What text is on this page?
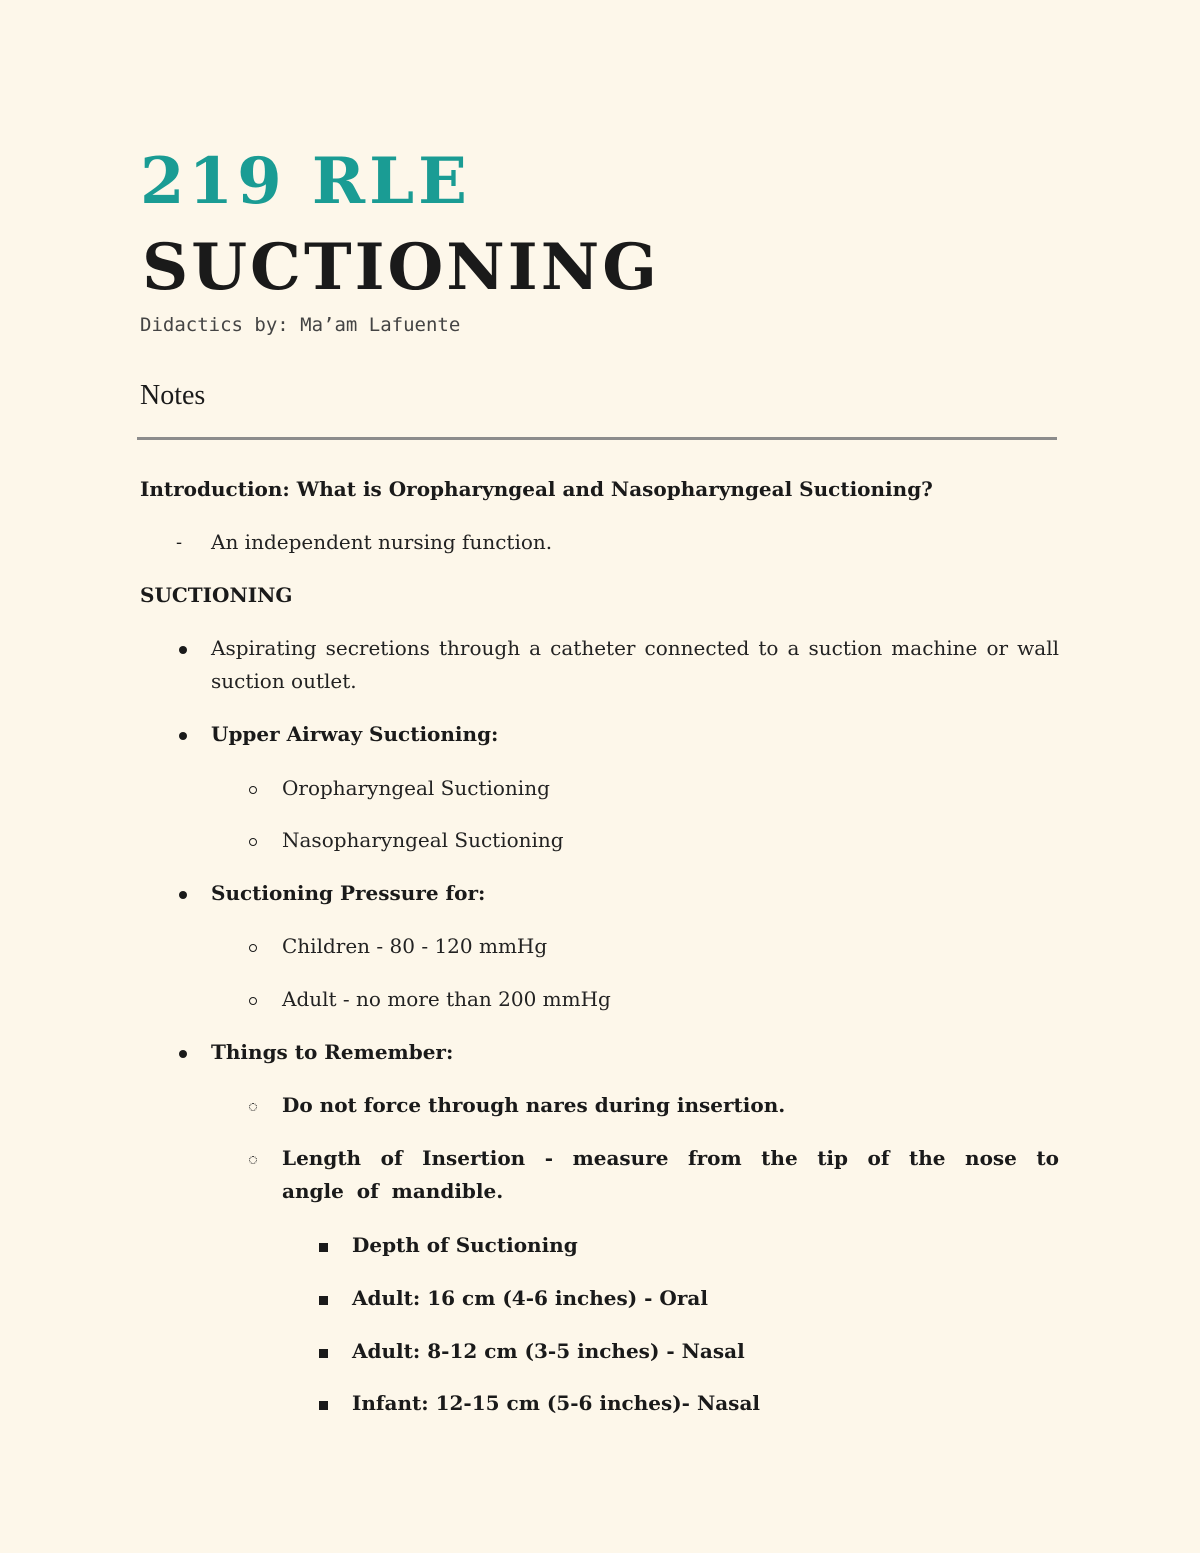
219 RLE
SUCTIONING
Didactics by: Ma’am Lafuente
Notes
Introduction: What is Oropharyngeal and Nasopharyngeal Suctioning?
- An independent nursing function.
SUCTIONING
Aspirating secretions through a catheter connected to a suction machine or wall suction outlet.
Upper Airway Suctioning:
Oropharyngeal Suctioning
Nasopharyngeal Suctioning
Suctioning Pressure for:
Children - 80 - 120 mmHg
Adult - no more than 200 mmHg
Things to Remember:
Do not force through nares during insertion.
Length of Insertion - measure from the tip of the nose to angle of mandible.
Depth of Suctioning
Adult: 16 cm (4-6 inches) - Oral
Adult: 8-12 cm (3-5 inches) - Nasal
Infant: 12-15 cm (5-6 inches)- Nasal
